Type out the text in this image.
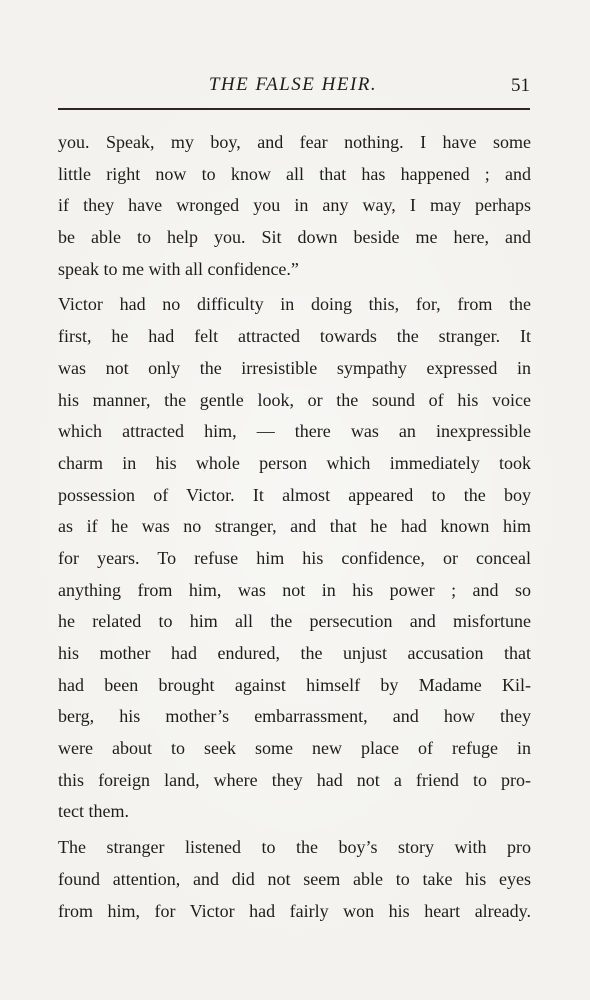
THE FALSE HEIR.	51
you. Speak, my boy, and fear nothing. I have some
little right now to know all that has happened ; and
if they have wronged you in any way, I may perhaps
be able to help you. Sit down beside me here, and
speak to me with all confidence.”
Victor had no difficulty in doing this, for, from the
first, he had felt attracted towards the stranger. It
was not only the irresistible sympathy expressed in
his manner, the gentle look, or the sound of his voice
which attracted him, — there was an inexpressible
charm in his whole person which immediately took
possession of Victor. It almost appeared to the boy
as if he was no stranger, and that he had known him
for years. To refuse him his confidence, or conceal
anything from him, was not in his power ; and so
he related to him all the persecution and misfortune
his mother had endured, the unjust accusation that
had been brought against himself by Madame Kil-
berg, his mother’s embarrassment, and how they
were about to seek some new place of refuge in
this foreign land, where they had not a friend to pro-
tect them.
The stranger listened to the boy’s story with pro
found attention, and did not seem able to take his eyes
from him, for Victor had fairly won his heart already.
